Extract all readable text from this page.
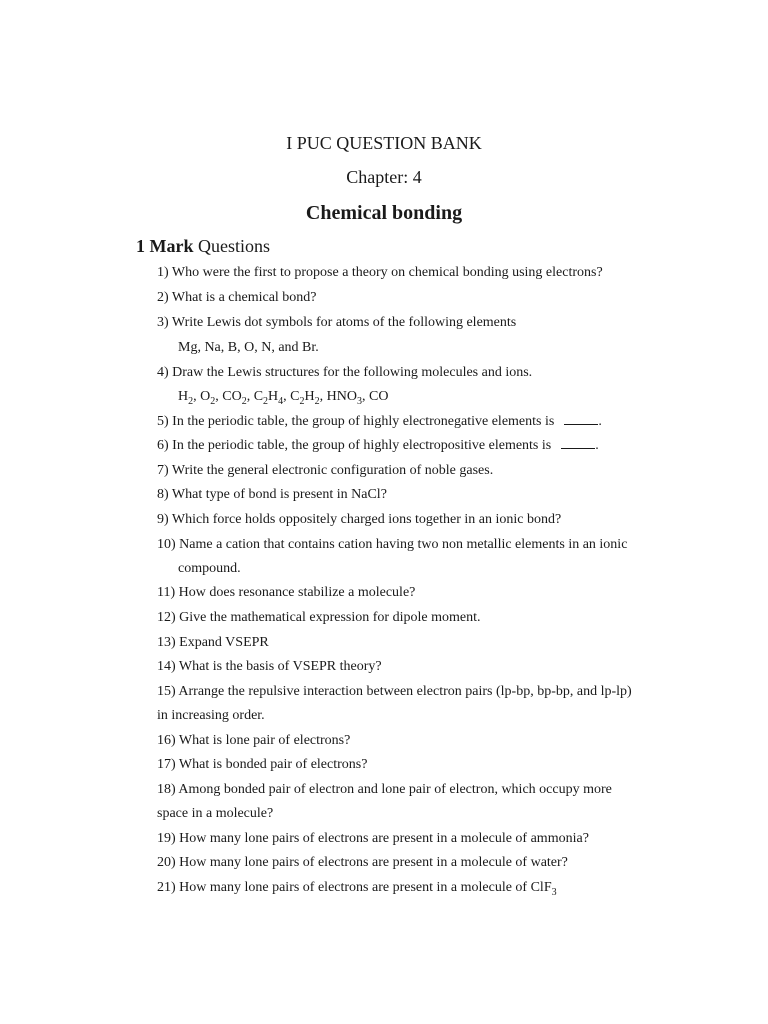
I PUC QUESTION BANK
Chapter: 4
Chemical bonding
1 Mark Questions
1) Who were the first to propose a theory on chemical bonding using electrons?
2) What is a chemical bond?
3) Write Lewis dot symbols for atoms of the following elements
Mg, Na, B, O, N, and Br.
4) Draw the Lewis structures for the following molecules and ions.
$H_2$, $O_2$, $CO_2$, $C_2H_4$, $C_2H_2$, $HNO_3$, CO
5) In the periodic table, the group of highly electronegative elements is	.
6) In the periodic table, the group of highly electropositive elements is	.
7) Write the general electronic configuration of noble gases.
8) What type of bond is present in NaCl?
9) Which force holds oppositely charged ions together in an ionic bond?
10) Name a cation that contains cation having two non metallic elements in an ionic
compound.
11) How does resonance stabilize a molecule?
12) Give the mathematical expression for dipole moment.
13) Expand VSEPR
14) What is the basis of VSEPR theory?
15) Arrange the repulsive interaction between electron pairs (lp-bp, bp-bp, and lp-lp)
in increasing order.
16) What is lone pair of electrons?
17) What is bonded pair of electrons?
18) Among bonded pair of electron and lone pair of electron, which occupy more
space in a molecule?
19) How many lone pairs of electrons are present in a molecule of ammonia?
20) How many lone pairs of electrons are present in a molecule of water?
21) How many lone pairs of electrons are present in a molecule of ClF$_3$
